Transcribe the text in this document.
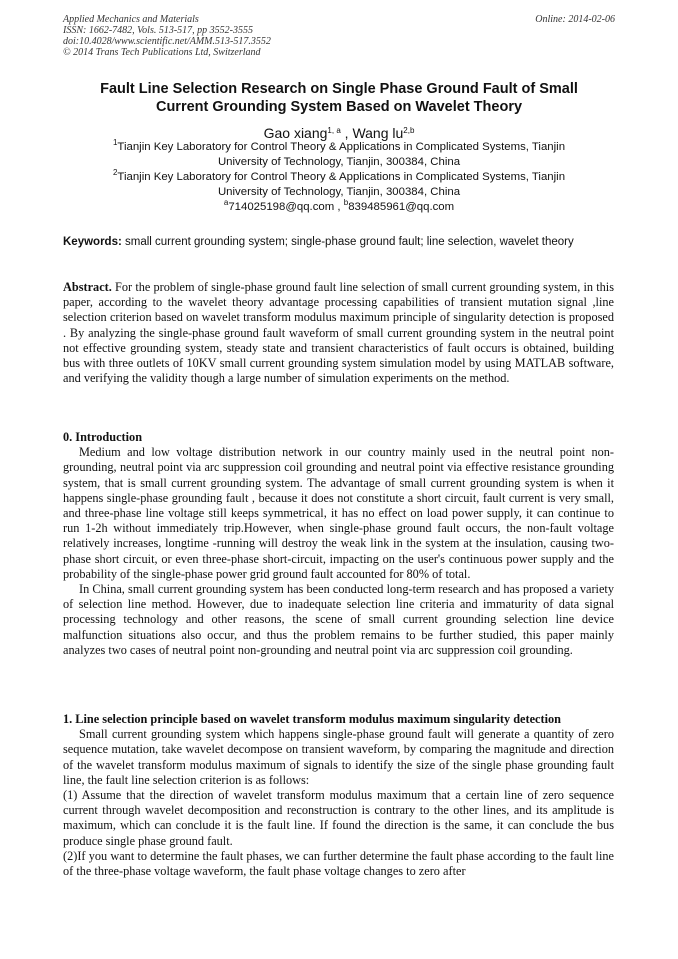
Applied Mechanics and Materials
ISSN: 1662-7482, Vols. 513-517, pp 3552-3555
doi:10.4028/www.scientific.net/AMM.513-517.3552
© 2014 Trans Tech Publications Ltd, Switzerland
Online: 2014-02-06
Fault Line Selection Research on Single Phase Ground Fault of Small
Current Grounding System Based on Wavelet Theory
Gao xiang$^{1, a}$ , Wang lu$^{2,b}$
$^1$Tianjin Key Laboratory for Control Theory & Applications in Complicated Systems, Tianjin
University of Technology, Tianjin, 300384, China
$^2$Tianjin Key Laboratory for Control Theory & Applications in Complicated Systems, Tianjin
University of Technology, Tianjin, 300384, China
$^a$714025198@qq.com , $^b$839485961@qq.com
Keywords: small current grounding system; single-phase ground fault; line selection, wavelet theory

Abstract. For the problem of single-phase ground fault line selection of small current grounding system, in this paper, according to the wavelet theory advantage processing capabilities of transient mutation signal ,line selection criterion based on wavelet transform modulus maximum principle of singularity detection is proposed . By analyzing the single-phase ground fault waveform of small current grounding system in the neutral point not effective grounding system, steady state and transient characteristics of fault occurs is obtained, building bus with three outlets of 10KV small current grounding system simulation model by using MATLAB software, and verifying the validity though a large number of simulation experiments on the method.

0. Introduction

Medium and low voltage distribution network in our country mainly used in the neutral point non-grounding, neutral point via arc suppression coil grounding and neutral point via effective resistance grounding system, that is small current grounding system. The advantage of small current grounding system is when it happens single-phase grounding fault , because it does not constitute a short circuit, fault current is very small, and three-phase line voltage still keeps symmetrical, it has no effect on load power supply, it can continue to run 1-2h without immediately trip.However, when single-phase ground fault occurs, the non-fault voltage relatively increases, longtime -running will destroy the weak link in the system at the insulation, causing two-phase short circuit, or even three-phase short-circuit, impacting on the user's continuous power supply and the probability of the single-phase power grid ground fault accounted for 80% of total.

In China, small current grounding system has been conducted long-term research and has proposed a variety of selection line method. However, due to inadequate selection line criteria and immaturity of data signal processing technology and other reasons, the scene of small current grounding selection line device malfunction situations also occur, and thus the problem remains to be further studied, this paper mainly analyzes two cases of neutral point non-grounding and neutral point via arc suppression coil grounding.

1. Line selection principle based on wavelet transform modulus maximum singularity detection

Small current grounding system which happens single-phase ground fault will generate a quantity of zero sequence mutation, take wavelet decompose on transient waveform, by comparing the magnitude and direction of the wavelet transform modulus maximum of signals to identify the size of the single phase grounding fault line, the fault line selection criterion is as follows:

(1) Assume that the direction of wavelet transform modulus maximum that a certain line of zero sequence current through wavelet decomposition and reconstruction is contrary to the other lines, and its amplitude is maximum, which can conclude it is the fault line. If found the direction is the same, it can conclude the bus produce single phase ground fault.

(2)If you want to determine the fault phases, we can further determine the fault phase according to the fault line of the three-phase voltage waveform, the fault phase voltage changes to zero after
